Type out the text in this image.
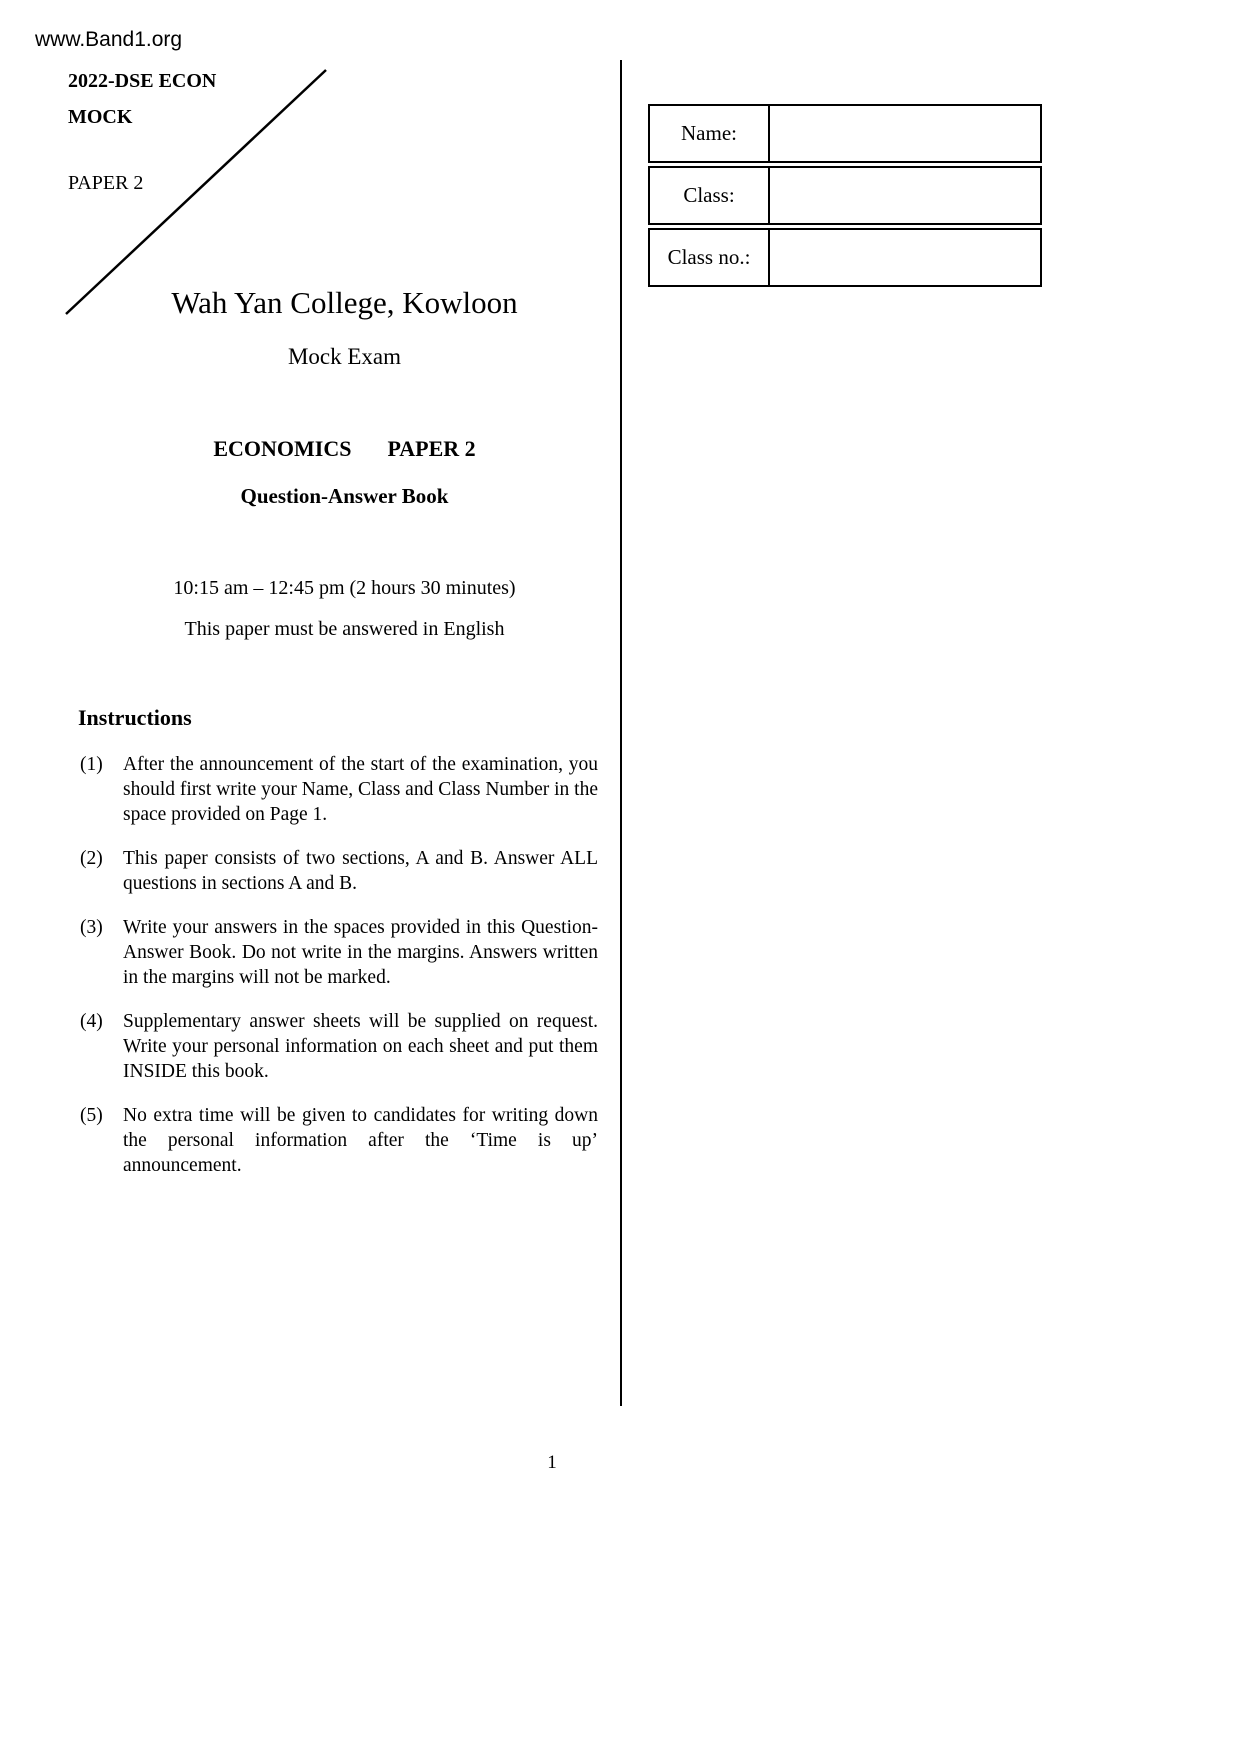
www.Band1.org
2022-DSE ECON
MOCK
PAPER 2
Name:
Class:
Class no.:
Wah Yan College, Kowloon
Mock Exam
ECONOMICS PAPER 2
Question-Answer Book
10:15 am – 12:45 pm (2 hours 30 minutes)
This paper must be answered in English
Instructions
(1)	After the announcement of the start of the examination, you should first write your Name, Class and Class Number in the space provided on Page 1.
(2)	This paper consists of two sections, A and B. Answer ALL questions in sections A and B.
(3)	Write your answers in the spaces provided in this Question-Answer Book. Do not write in the margins. Answers written in the margins will not be marked.
(4)	Supplementary answer sheets will be supplied on request. Write your personal information on each sheet and put them INSIDE this book.
(5)	No extra time will be given to candidates for writing down the personal information after the ‘Time is up’ announcement.
1
